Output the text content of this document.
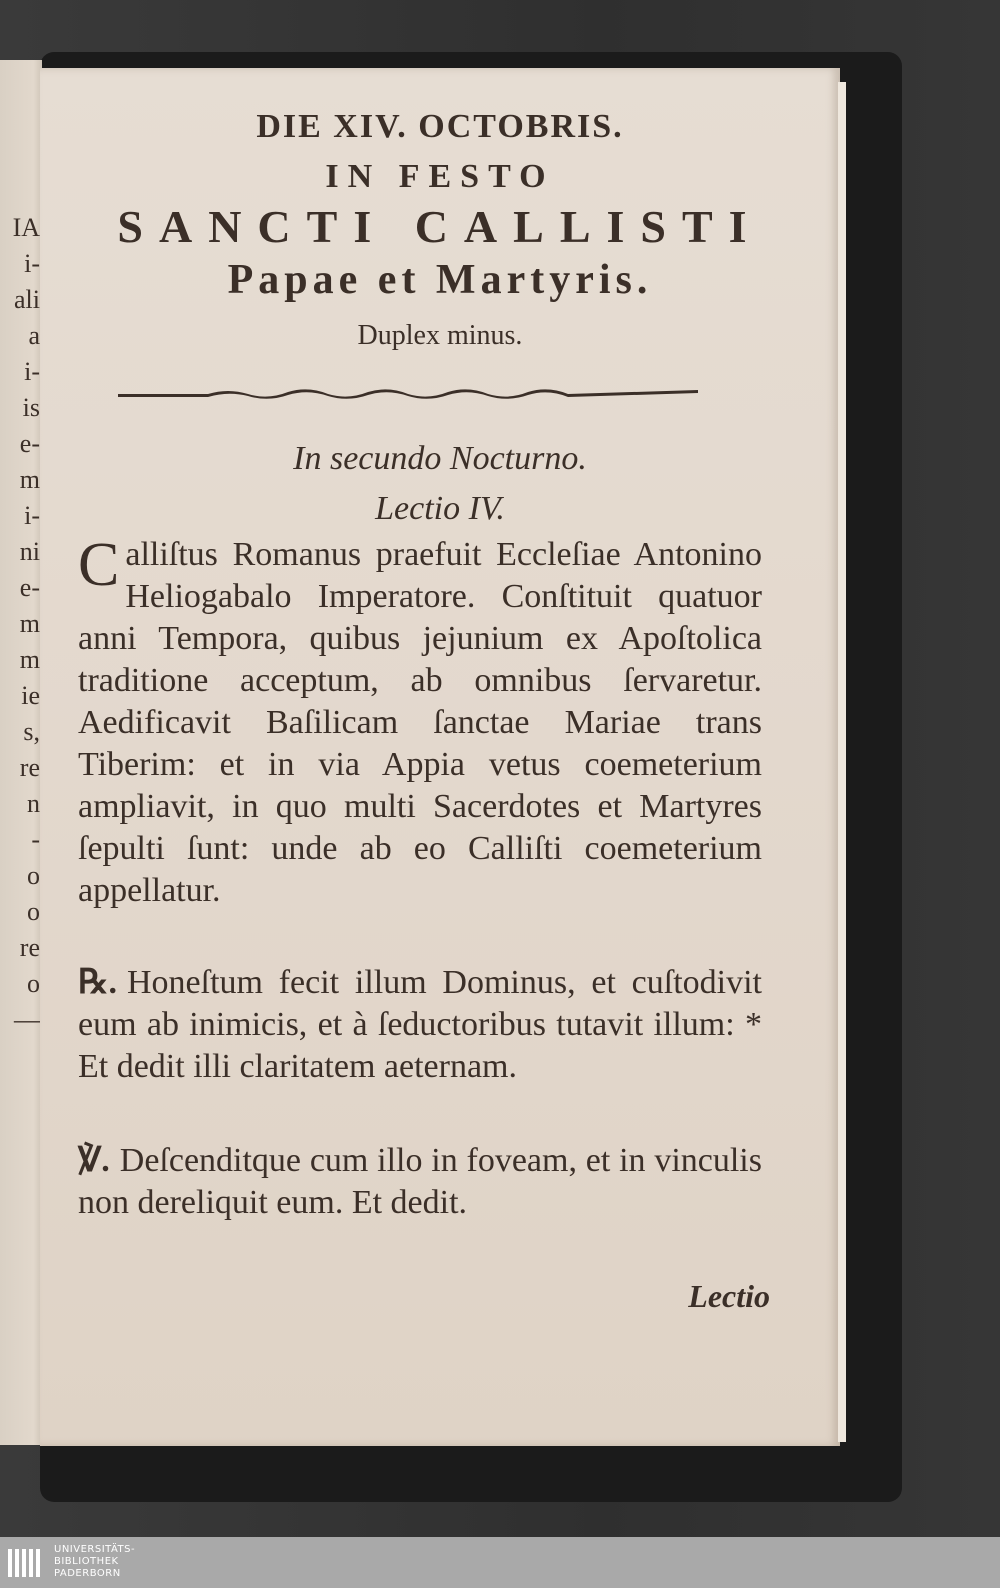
IA
i-
ali
a
i-
is
e-
m
i-
ni
e-
m
m
ie
s,
re
n
-
o
o
re
o
—
DIE XIV. OCTOBRIS.
IN FESTO
SANCTI CALLISTI
Papae et Martyris.
Duplex minus.
In secundo Nocturno.
Lectio IV.
Calliſtus Romanus praefuit Eccleſiae Antonino Heliogabalo Imperatore. Conſtituit quatuor anni Tempora, quibus jejunium ex Apoſtolica traditione acceptum, ab omnibus ſervaretur. Aedificavit Baſilicam ſanctae Mariae trans Tiberim: et in via Appia vetus coemeterium ampliavit, in quo multi Sacerdotes et Martyres ſepulti ſunt: unde ab eo Calliſti coemeterium appellatur.
℞. Honeſtum fecit illum Dominus, et cuſtodivit eum ab inimicis, et à ſeductoribus tutavit illum: * Et dedit illi claritatem aeternam.
℣. Deſcenditque cum illo in foveam, et in vinculis non dereliquit eum. Et dedit.
Lectio
UNIVERSITÄTS-
BIBLIOTHEK
PADERBORN
